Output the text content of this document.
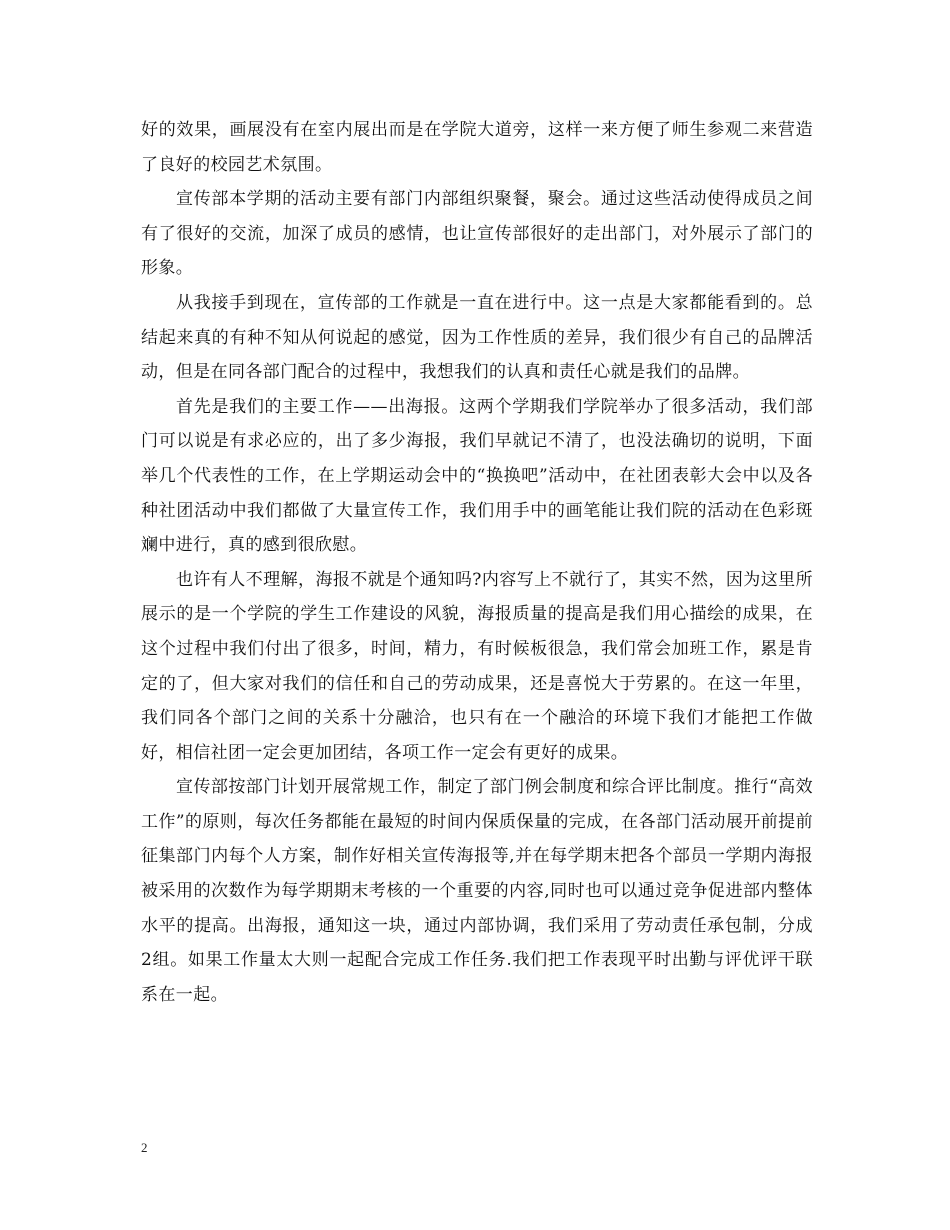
好的效果，画展没有在室内展出而是在学院大道旁，这样一来方便了师生参观二来营造了良好的校园艺术氛围。

宣传部本学期的活动主要有部门内部组织聚餐，聚会。通过这些活动使得成员之间有了很好的交流，加深了成员的感情，也让宣传部很好的走出部门，对外展示了部门的形象。

从我接手到现在，宣传部的工作就是一直在进行中。这一点是大家都能看到的。总结起来真的有种不知从何说起的感觉，因为工作性质的差异，我们很少有自己的品牌活动，但是在同各部门配合的过程中，我想我们的认真和责任心就是我们的品牌。

首先是我们的主要工作——出海报。这两个学期我们学院举办了很多活动，我们部门可以说是有求必应的，出了多少海报，我们早就记不清了，也没法确切的说明，下面举几个代表性的工作，在上学期运动会中的“换换吧”活动中，在社团表彰大会中以及各种社团活动中我们都做了大量宣传工作，我们用手中的画笔能让我们院的活动在色彩斑斓中进行，真的感到很欣慰。

也许有人不理解，海报不就是个通知吗?内容写上不就行了，其实不然，因为这里所展示的是一个学院的学生工作建设的风貌，海报质量的提高是我们用心描绘的成果，在这个过程中我们付出了很多，时间，精力，有时候板很急，我们常会加班工作，累是肯定的了，但大家对我们的信任和自己的劳动成果，还是喜悦大于劳累的。在这一年里，我们同各个部门之间的关系十分融洽，也只有在一个融洽的环境下我们才能把工作做好，相信社团一定会更加团结，各项工作一定会有更好的成果。

宣传部按部门计划开展常规工作，制定了部门例会制度和综合评比制度。推行“高效工作”的原则，每次任务都能在最短的时间内保质保量的完成，在各部门活动展开前提前征集部门内每个人方案，制作好相关宣传海报等,并在每学期末把各个部员一学期内海报被采用的次数作为每学期期末考核的一个重要的内容,同时也可以通过竞争促进部内整体水平的提高。出海报，通知这一块，通过内部协调，我们采用了劳动责任承包制，分成2组。如果工作量太大则一起配合完成工作任务.我们把工作表现平时出勤与评优评干联系在一起。

2
